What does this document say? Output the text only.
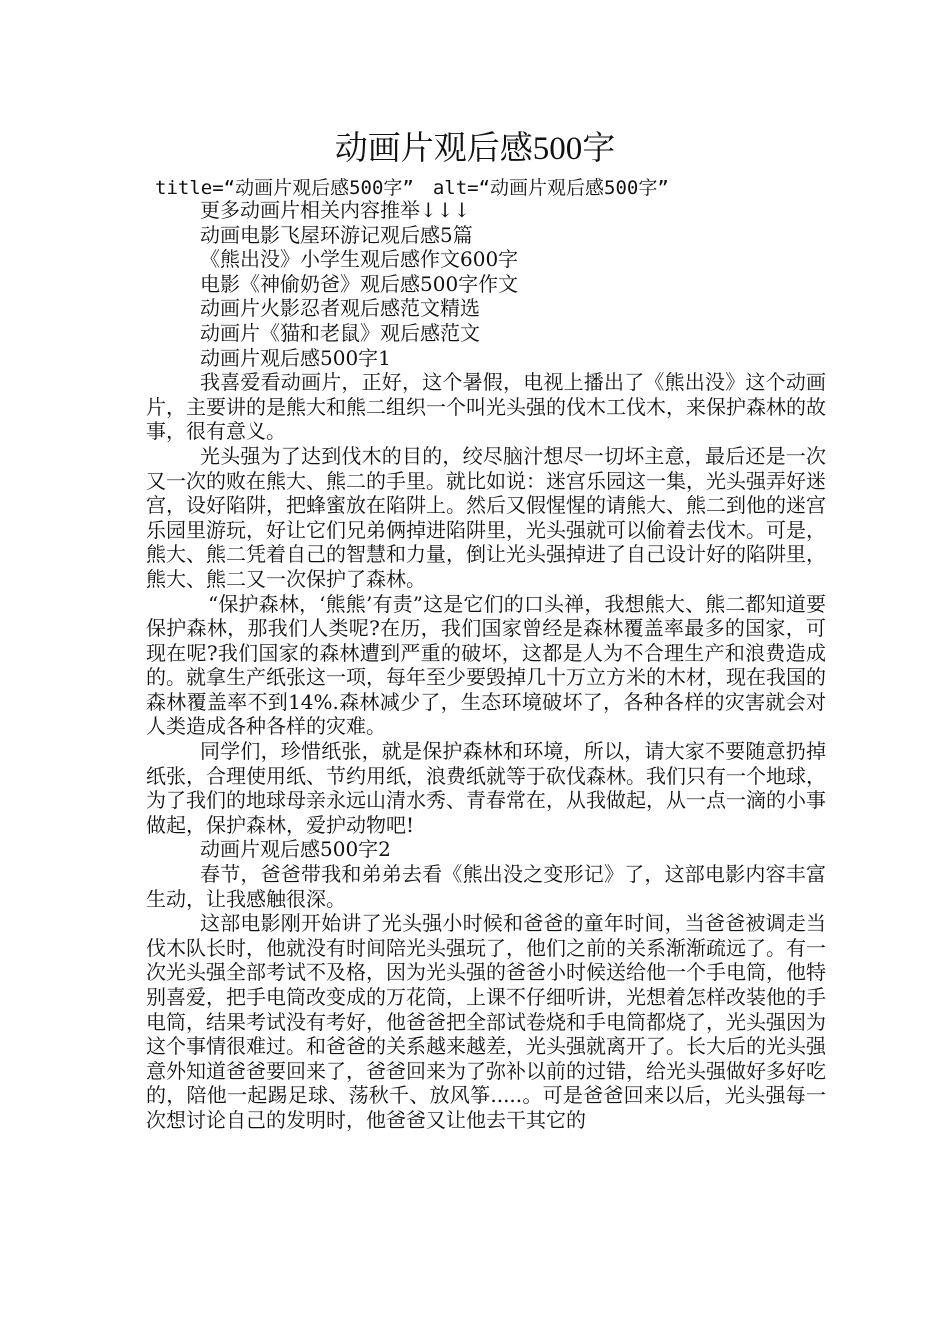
动画片观后感500字
title=“动画片观后感500字”　alt=“动画片观后感500字”
更多动画片相关内容推举↓↓↓
动画电影飞屋环游记观后感5篇
《熊出没》小学生观后感作文600字
电影《神偷奶爸》观后感500字作文
动画片火影忍者观后感范文精选
动画片《猫和老鼠》观后感范文
动画片观后感500字1

我喜爱看动画片，正好，这个暑假，电视上播出了《熊出没》这个动画片，主要讲的是熊大和熊二组织一个叫光头强的伐木工伐木，来保护森林的故事，很有意义。

光头强为了达到伐木的目的，绞尽脑汁想尽一切坏主意，最后还是一次又一次的败在熊大、熊二的手里。就比如说：迷宫乐园这一集，光头强弄好迷宫，设好陷阱，把蜂蜜放在陷阱上。然后又假惺惺的请熊大、熊二到他的迷宫乐园里游玩，好让它们兄弟俩掉进陷阱里，光头强就可以偷着去伐木。可是，熊大、熊二凭着自己的智慧和力量，倒让光头强掉进了自己设计好的陷阱里，熊大、熊二又一次保护了森林。

“保护森林，‘熊熊’有责”这是它们的口头禅，我想熊大、熊二都知道要保护森林，那我们人类呢?在历，我们国家曾经是森林覆盖率最多的国家，可现在呢?我们国家的森林遭到严重的破坏，这都是人为不合理生产和浪费造成的。就拿生产纸张这一项，每年至少要毁掉几十万立方米的木材，现在我国的森林覆盖率不到14%.森林减少了，生态环境破坏了，各种各样的灾害就会对人类造成各种各样的灾难。

同学们，珍惜纸张，就是保护森林和环境，所以，请大家不要随意扔掉纸张，合理使用纸、节约用纸，浪费纸就等于砍伐森林。我们只有一个地球，为了我们的地球母亲永远山清水秀、青春常在，从我做起，从一点一滴的小事做起，保护森林，爱护动物吧!

动画片观后感500字2

春节，爸爸带我和弟弟去看《熊出没之变形记》了，这部电影内容丰富生动，让我感触很深。

这部电影刚开始讲了光头强小时候和爸爸的童年时间，当爸爸被调走当伐木队长时，他就没有时间陪光头强玩了，他们之前的关系渐渐疏远了。有一次光头强全部考试不及格，因为光头强的爸爸小时候送给他一个手电筒，他特别喜爱，把手电筒改变成的万花筒，上课不仔细听讲，光想着怎样改装他的手电筒，结果考试没有考好，他爸爸把全部试卷烧和手电筒都烧了，光头强因为这个事情很难过。和爸爸的关系越来越差，光头强就离开了。长大后的光头强意外知道爸爸要回来了，爸爸回来为了弥补以前的过错，给光头强做好多好吃的，陪他一起踢足球、荡秋千、放风筝.....。可是爸爸回来以后，光头强每一次想讨论自己的发明时，他爸爸又让他去干其它的
